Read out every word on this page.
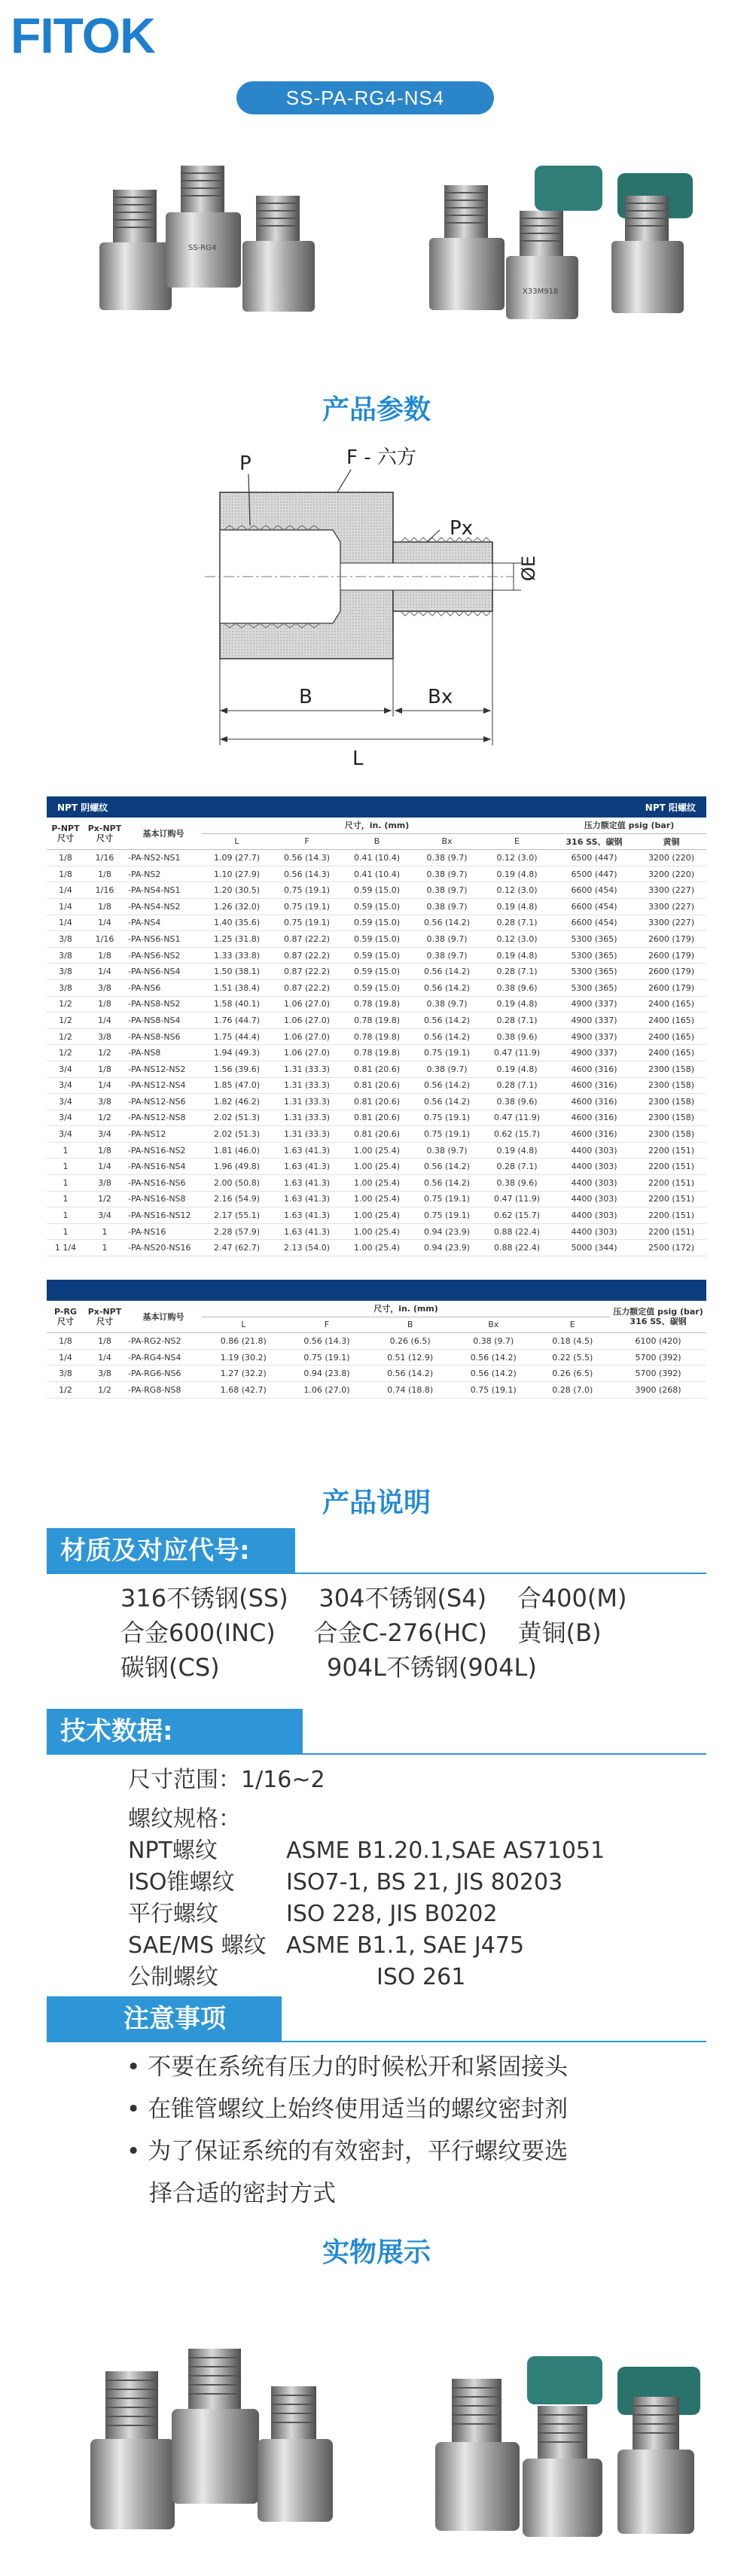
FITOK
SS-PA-RG4-NS4
SS-RG4
X33M918
产品参数
P	F - 六方
Px
ØE
B	Bx
L
NPT 阴螺纹	NPT 阳螺纹
P-NPT 尺寸	Px-NPT 尺寸	基本订购号	尺寸，in. (mm)					压力额定值 psig (bar)	
			L	F	B	Bx	E	316 SS、碳钢	黄铜
1/8	1/16	-PA-NS2-NS1	1.09 (27.7)	0.56 (14.3)	0.41 (10.4)	0.38 (9.7)	0.12 (3.0)	6500 (447)	3200 (220)
1/8	1/8	-PA-NS2	1.10 (27.9)	0.56 (14.3)	0.41 (10.4)	0.38 (9.7)	0.19 (4.8)	6500 (447)	3200 (220)
1/4	1/16	-PA-NS4-NS1	1.20 (30.5)	0.75 (19.1)	0.59 (15.0)	0.38 (9.7)	0.12 (3.0)	6600 (454)	3300 (227)
1/4	1/8	-PA-NS4-NS2	1.26 (32.0)	0.75 (19.1)	0.59 (15.0)	0.38 (9.7)	0.19 (4.8)	6600 (454)	3300 (227)
1/4	1/4	-PA-NS4	1.40 (35.6)	0.75 (19.1)	0.59 (15.0)	0.56 (14.2)	0.28 (7.1)	6600 (454)	3300 (227)
3/8	1/16	-PA-NS6-NS1	1.25 (31.8)	0.87 (22.2)	0.59 (15.0)	0.38 (9.7)	0.12 (3.0)	5300 (365)	2600 (179)
3/8	1/8	-PA-NS6-NS2	1.33 (33.8)	0.87 (22.2)	0.59 (15.0)	0.38 (9.7)	0.19 (4.8)	5300 (365)	2600 (179)
3/8	1/4	-PA-NS6-NS4	1.50 (38.1)	0.87 (22.2)	0.59 (15.0)	0.56 (14.2)	0.28 (7.1)	5300 (365)	2600 (179)
3/8	3/8	-PA-NS6	1.51 (38.4)	0.87 (22.2)	0.59 (15.0)	0.56 (14.2)	0.38 (9.6)	5300 (365)	2600 (179)
1/2	1/8	-PA-NS8-NS2	1.58 (40.1)	1.06 (27.0)	0.78 (19.8)	0.38 (9.7)	0.19 (4.8)	4900 (337)	2400 (165)
1/2	1/4	-PA-NS8-NS4	1.76 (44.7)	1.06 (27.0)	0.78 (19.8)	0.56 (14.2)	0.28 (7.1)	4900 (337)	2400 (165)
1/2	3/8	-PA-NS8-NS6	1.75 (44.4)	1.06 (27.0)	0.78 (19.8)	0.56 (14.2)	0.38 (9.6)	4900 (337)	2400 (165)
1/2	1/2	-PA-NS8	1.94 (49.3)	1.06 (27.0)	0.78 (19.8)	0.75 (19.1)	0.47 (11.9)	4900 (337)	2400 (165)
3/4	1/8	-PA-NS12-NS2	1.56 (39.6)	1.31 (33.3)	0.81 (20.6)	0.38 (9.7)	0.19 (4.8)	4600 (316)	2300 (158)
3/4	1/4	-PA-NS12-NS4	1.85 (47.0)	1.31 (33.3)	0.81 (20.6)	0.56 (14.2)	0.28 (7.1)	4600 (316)	2300 (158)
3/4	3/8	-PA-NS12-NS6	1.82 (46.2)	1.31 (33.3)	0.81 (20.6)	0.56 (14.2)	0.38 (9.6)	4600 (316)	2300 (158)
3/4	1/2	-PA-NS12-NS8	2.02 (51.3)	1.31 (33.3)	0.81 (20.6)	0.75 (19.1)	0.47 (11.9)	4600 (316)	2300 (158)
3/4	3/4	-PA-NS12	2.02 (51.3)	1.31 (33.3)	0.81 (20.6)	0.75 (19.1)	0.62 (15.7)	4600 (316)	2300 (158)
1	1/8	-PA-NS16-NS2	1.81 (46.0)	1.63 (41.3)	1.00 (25.4)	0.38 (9.7)	0.19 (4.8)	4400 (303)	2200 (151)
1	1/4	-PA-NS16-NS4	1.96 (49.8)	1.63 (41.3)	1.00 (25.4)	0.56 (14.2)	0.28 (7.1)	4400 (303)	2200 (151)
1	3/8	-PA-NS16-NS6	2.00 (50.8)	1.63 (41.3)	1.00 (25.4)	0.56 (14.2)	0.38 (9.6)	4400 (303)	2200 (151)
1	1/2	-PA-NS16-NS8	2.16 (54.9)	1.63 (41.3)	1.00 (25.4)	0.75 (19.1)	0.47 (11.9)	4400 (303)	2200 (151)
1	3/4	-PA-NS16-NS12	2.17 (55.1)	1.63 (41.3)	1.00 (25.4)	0.75 (19.1)	0.62 (15.7)	4400 (303)	2200 (151)
1	1	-PA-NS16	2.28 (57.9)	1.63 (41.3)	1.00 (25.4)	0.94 (23.9)	0.88 (22.4)	4400 (303)	2200 (151)
1 1/4	1	-PA-NS20-NS16	2.47 (62.7)	2.13 (54.0)	1.00 (25.4)	0.94 (23.9)	0.88 (22.4)	5000 (344)	2500 (172)
P-RG 尺寸	Px-NPT 尺寸	基本订购号	尺寸，in. (mm)					压力额定值 psig (bar)
316 SS、碳钢

			L	F	B	Bx	E	
1/8	1/8	-PA-RG2-NS2	0.86 (21.8)	0.56 (14.3)	0.26 (6.5)	0.38 (9.7)	0.18 (4.5)	6100 (420)
1/4	1/4	-PA-RG4-NS4	1.19 (30.2)	0.75 (19.1)	0.51 (12.9)	0.56 (14.2)	0.22 (5.5)	5700 (392)
3/8	3/8	-PA-RG6-NS6	1.27 (32.2)	0.94 (23.8)	0.56 (14.2)	0.56 (14.2)	0.26 (6.5)	5700 (392)
1/2	1/2	-PA-RG8-NS8	1.68 (42.7)	1.06 (27.0)	0.74 (18.8)	0.75 (19.1)	0.28 (7.0)	3900 (268)
产品说明
材质及对应代号:
316不锈钢(SS)    304不锈钢(S4)    合400(M)
合金600(INC)     合金C-276(HC)    黄铜(B)
碳钢(CS)              904L不锈钢(904L)
技术数据:
尺寸范围：1/16~2
螺纹规格：
NPT螺纹	ASME B1.20.1,SAE AS71051
ISO锥螺纹	ISO7-1, BS 21, JIS 80203
平行螺纹	ISO 228, JIS B0202
SAE/MS 螺纹 ASME B1.1, SAE J475
公制螺纹	ISO 261
注意事项
• 不要在系统有压力的时候松开和紧固接头
• 在锥管螺纹上始终使用适当的螺纹密封剂
• 为了保证系统的有效密封，平行螺纹要选
择合适的密封方式
实物展示
